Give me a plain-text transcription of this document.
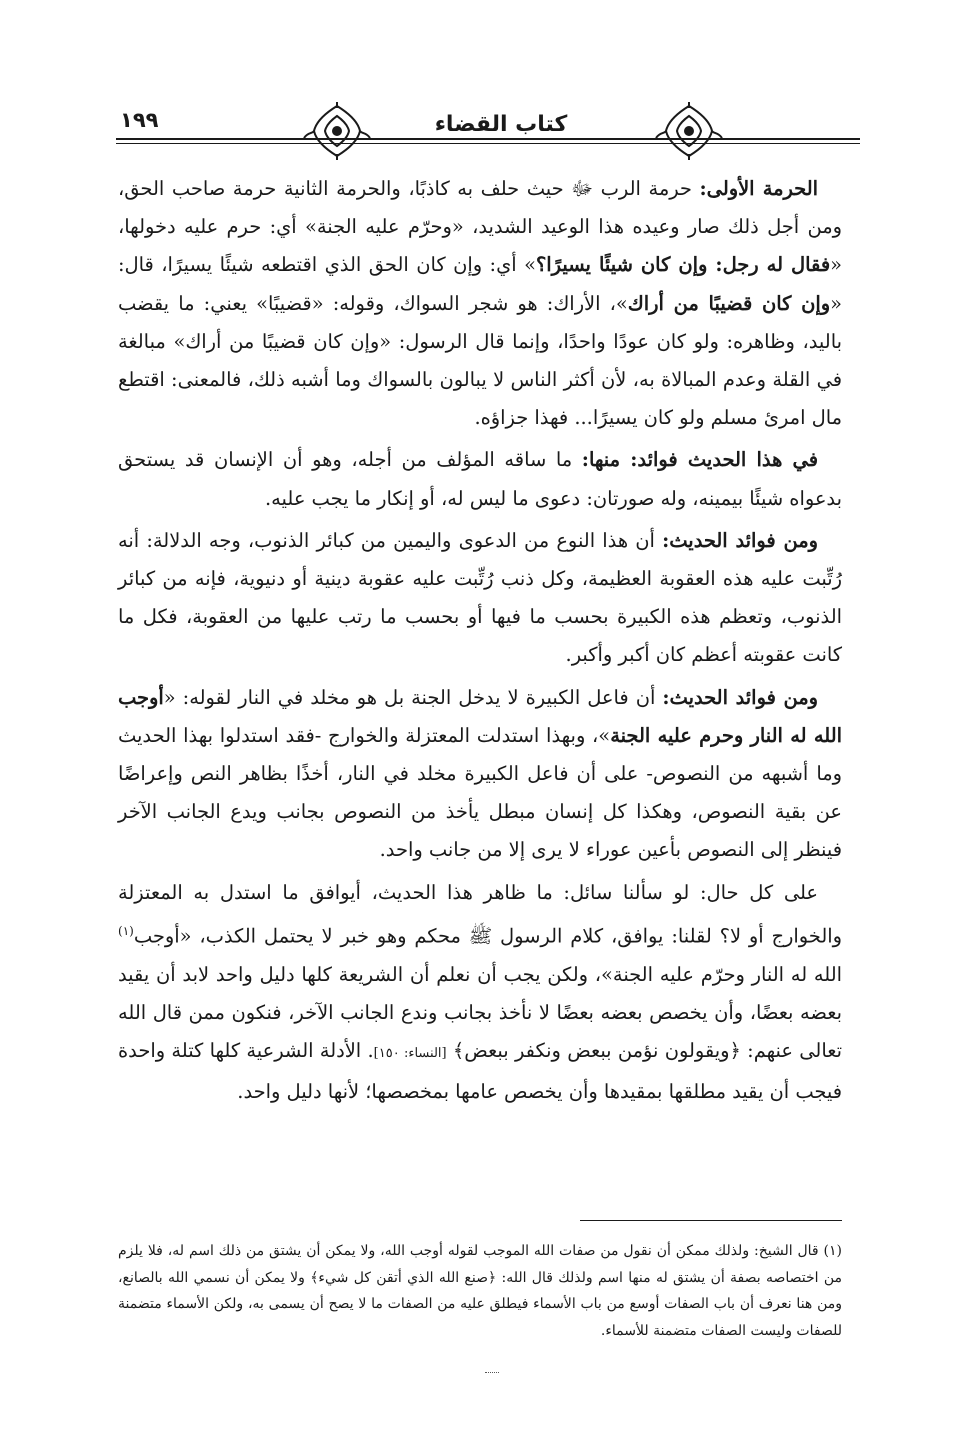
١٩٩	كتاب القضاء

الحرمة الأولى: حرمة الرب ﷻ حيث حلف به كاذبًا، والحرمة الثانية حرمة صاحب الحق، ومن أجل ذلك صار وعيده هذا الوعيد الشديد، «وحرّم عليه الجنة» أي: حرم عليه دخولها، «فقال له رجل: وإن كان شيئًا يسيرًا؟» أي: وإن كان الحق الذي اقتطعه شيئًا يسيرًا، قال: «وإن كان قضيبًا من أراك»، الأراك: هو شجر السواك، وقوله: «قضيبًا» يعني: ما يقضب باليد، وظاهره: ولو كان عودًا واحدًا، وإنما قال الرسول: «وإن كان قضيبًا من أراك» مبالغة في القلة وعدم المبالاة به، لأن أكثر الناس لا يبالون بالسواك وما أشبه ذلك، فالمعنى: اقتطع مال امرئ مسلم ولو كان يسيرًا... فهذا جزاؤه.

في هذا الحديث فوائد: منها: ما ساقه المؤلف من أجله، وهو أن الإنسان قد يستحق بدعواه شيئًا بيمينه، وله صورتان: دعوى ما ليس له، أو إنكار ما يجب عليه.

ومن فوائد الحديث: أن هذا النوع من الدعوى واليمين من كبائر الذنوب، وجه الدلالة: أنه رُتِّبت عليه هذه العقوبة العظيمة، وكل ذنب رُتِّبت عليه عقوبة دينية أو دنيوية، فإنه من كبائر الذنوب، وتعظم هذه الكبيرة بحسب ما فيها أو بحسب ما رتب عليها من العقوبة، فكل ما كانت عقوبته أعظم كان أكبر وأكبر.

ومن فوائد الحديث: أن فاعل الكبيرة لا يدخل الجنة بل هو مخلد في النار لقوله: «أوجب الله له النار وحرم عليه الجنة»، وبهذا استدلت المعتزلة والخوارج -فقد استدلوا بهذا الحديث وما أشبهه من النصوص- على أن فاعل الكبيرة مخلد في النار، أخذًا بظاهر النص وإعراضًا عن بقية النصوص، وهكذا كل إنسان مبطل يأخذ من النصوص بجانب ويدع الجانب الآخر فينظر إلى النصوص بأعين عوراء لا يرى إلا من جانب واحد.

على كل حال: لو سألنا سائل: ما ظاهر هذا الحديث، أيوافق ما استدل به المعتزلة والخوارج أو لا؟ لقلنا: يوافق، كلام الرسول ﷺ محكم وهو خبر لا يحتمل الكذب، «أوجب$^{(١)}$ الله له النار وحرّم عليه الجنة»، ولكن يجب أن نعلم أن الشريعة كلها دليل واحد لابد أن يقيد بعضه بعضًا، وأن يخصص بعضه بعضًا لا نأخذ بجانب وندع الجانب الآخر، فنكون ممن قال الله تعالى عنهم: ﴿ويقولون نؤمن ببعض ونكفر ببعض﴾ [النساء: ١٥٠]. الأدلة الشرعية كلها كتلة واحدة فيجب أن يقيد مطلقها بمقيدها وأن يخصص عامها بمخصصها؛ لأنها دليل واحد.

(١) قال الشيخ: ولذلك ممكن أن نقول من صفات الله الموجب لقوله أوجب الله، ولا يمكن أن يشتق من ذلك اسم له، فلا يلزم من اختصاصه بصفة أن يشتق له منها اسم ولذلك قال الله: ﴿صنع الله الذي أتقن كل شيء﴾ ولا يمكن أن نسمي الله بالصانع، ومن هنا نعرف أن باب الصفات أوسع من باب الأسماء فيطلق عليه من الصفات ما لا يصح أن يسمى به، ولكن الأسماء متضمنة للصفات وليست الصفات متضمنة للأسماء.
